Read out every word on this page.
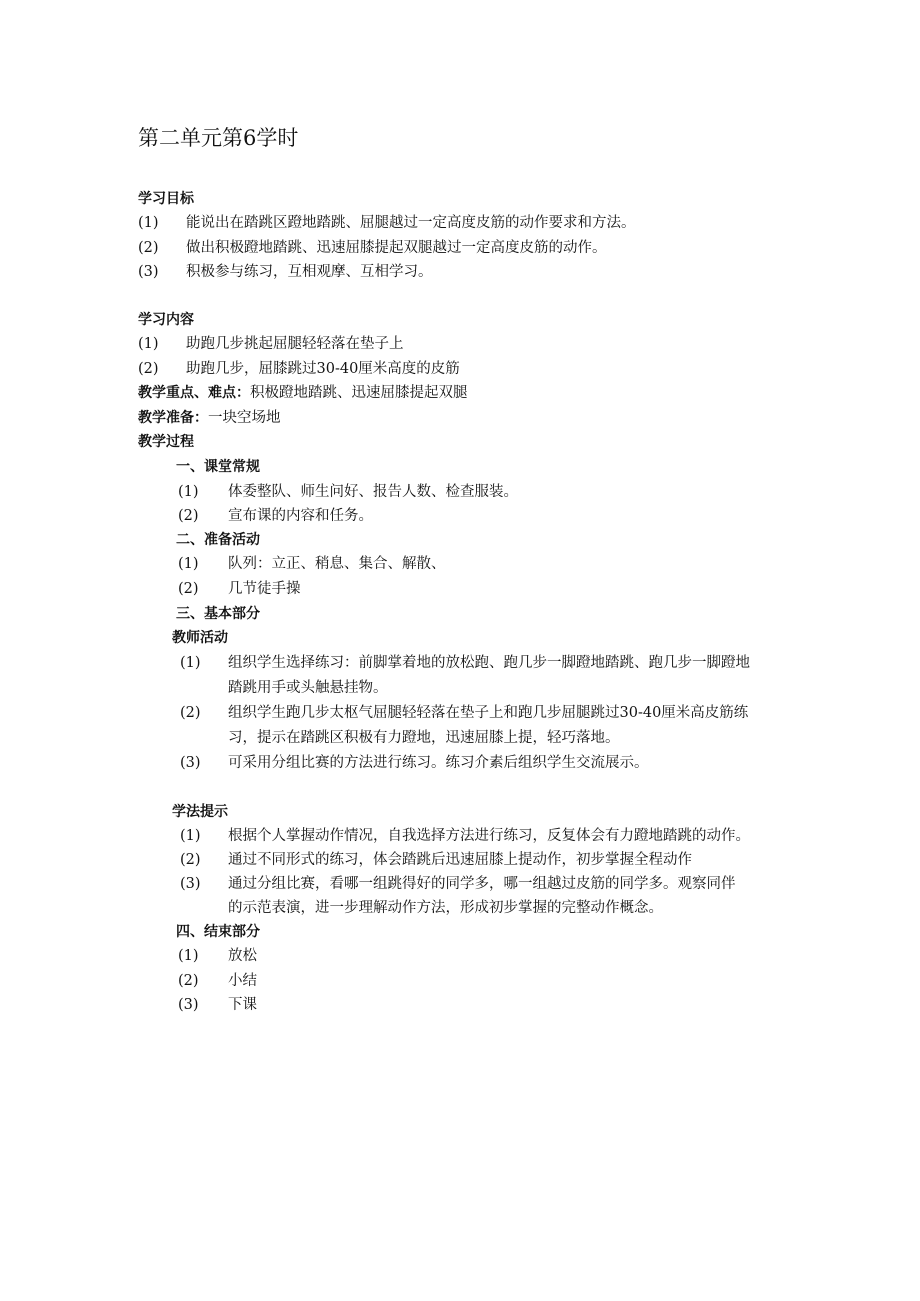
第二单元第6学时
学习目标
(1) 能说出在踏跳区蹬地踏跳、屈腿越过一定高度皮筋的动作要求和方法。
(2) 做出积极蹬地踏跳、迅速屈膝提起双腿越过一定高度皮筋的动作。
(3) 积极参与练习，互相观摩、互相学习。
学习内容
(1) 助跑几步挑起屈腿轻轻落在垫子上
(2) 助跑几步，屈膝跳过30-40厘米高度的皮筋
教学重点、难点：积极蹬地踏跳、迅速屈膝提起双腿
教学准备：一块空场地
教学过程
一、课堂常规
(1) 体委整队、师生问好、报告人数、检查服装。
(2) 宣布课的内容和任务。
二、准备活动
(1) 队列：立正、稍息、集合、解散、
(2) 几节徒手操
三、基本部分
教师活动
(1) 组织学生选择练习：前脚掌着地的放松跑、跑几步一脚蹬地踏跳、跑几步一脚蹬地
踏跳用手或头触悬挂物。
(2) 组织学生跑几步太枢气屈腿轻轻落在垫子上和跑几步屈腿跳过30-40厘米高皮筋练
习，提示在踏跳区积极有力蹬地，迅速屈膝上提，轻巧落地。
(3) 可采用分组比赛的方法进行练习。练习介素后组织学生交流展示。
学法提示
(1) 根据个人掌握动作情况，自我选择方法进行练习，反复体会有力蹬地踏跳的动作。
(2) 通过不同形式的练习，体会踏跳后迅速屈膝上提动作，初步掌握全程动作
(3) 通过分组比赛，看哪一组跳得好的同学多，哪一组越过皮筋的同学多。观察同伴
的示范表演，进一步理解动作方法，形成初步掌握的完整动作概念。
四、结束部分
(1) 放松
(2) 小结
(3) 下课
